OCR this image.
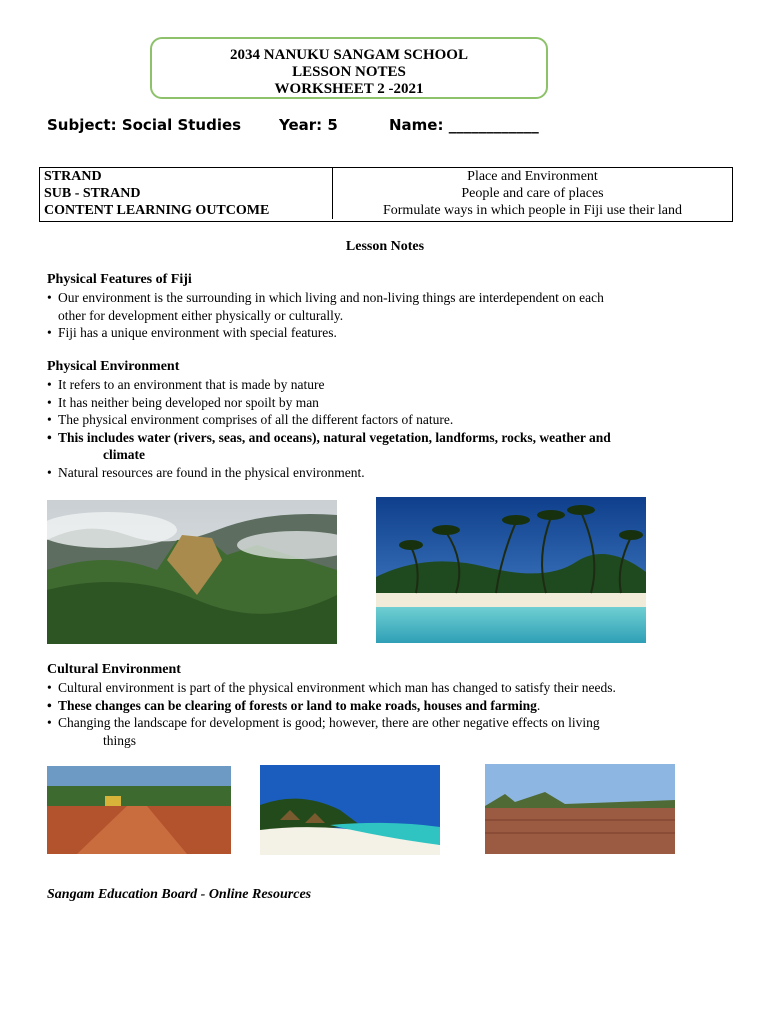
2034 NANUKU SANGAM SCHOOL
LESSON NOTES
WORKSHEET 2 -2021
Subject: Social Studies	Year: 5	Name: ____________
STRAND	Place and Environment
SUB - STRAND	People and care of places
CONTENT LEARNING OUTCOME	Formulate ways in which people in Fiji use their land
Lesson Notes
Physical Features of Fiji
• Our environment is the surrounding in which living and non-living things are interdependent on each
other for development either physically or culturally.
• Fiji has a unique environment with special features.
Physical Environment
• It refers to an environment that is made by nature
• It has neither being developed nor spoilt by man
• The physical environment comprises of all the different factors of nature.
• This includes water (rivers, seas, and oceans), natural vegetation, landforms, rocks, weather and
climate
• Natural resources are found in the physical environment.
Cultural Environment
• Cultural environment is part of the physical environment which man has changed to satisfy their needs.
• These changes can be clearing of forests or land to make roads, houses and farming.
• Changing the landscape for development is good; however, there are other negative effects on living
things
Sangam Education Board - Online Resources
